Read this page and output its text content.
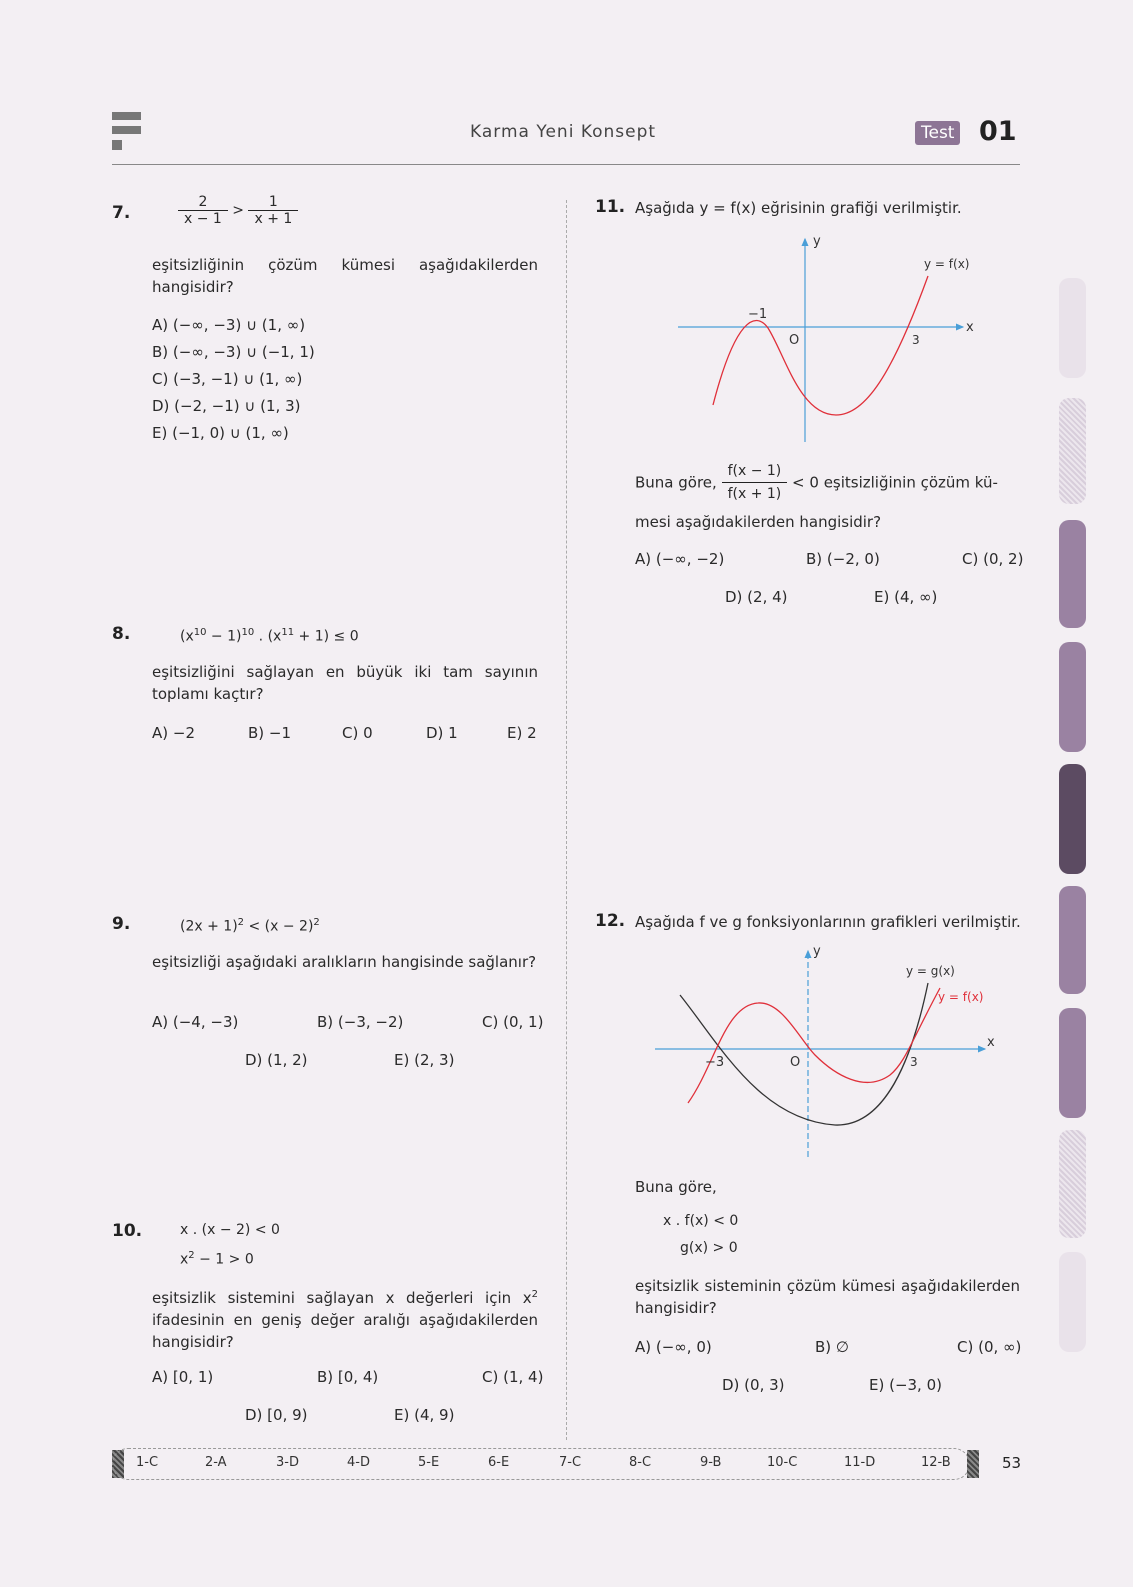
Karma Yeni Konsept	Test 01
7.	$\frac{2}{x - 1} > \frac{1}{x + 1}$
eşitsizliğinin çözüm kümesi aşağıdakilerden hangisidir?
A) (−∞, −3) ∪ (1, ∞)
B) (−∞, −3) ∪ (−1, 1)
C) (−3, −1) ∪ (1, ∞)
D) (−2, −1) ∪ (1, 3)
E) (−1, 0) ∪ (1, ∞)
8.	$(x^{10} - 1)^{10}$ . $(x^{11} + 1) \le 0$
eşitsizliğini sağlayan en büyük iki tam sayının toplamı kaçtır?
A) −2	B) −1	C) 0	D) 1	E) 2
9.	$(2x + 1)^2 < (x - 2)^2$
eşitsizliği aşağıdaki aralıkların hangisinde sağlanır?
A) (−4, −3)	B) (−3, −2)	C) (0, 1)
D) (1, 2)	E) (2, 3)
10.	x . (x − 2) < 0
$x^2 - 1 > 0$
eşitsizlik sistemini sağlayan x değerleri için $x^2$ ifadesinin en geniş değer aralığı aşağıdakilerden hangisidir?
A) [0, 1)	B) [0, 4)	C) (1, 4)
D) [0, 9)	E) (4, 9)
11. Aşağıda y = f(x) eğrisinin grafiği verilmiştir.
y
x
y = f(x)
−1
O	3
Buna göre, $\frac{f(x - 1)}{f(x + 1)} < 0$ eşitsizliğinin çözüm kü-
mesi aşağıdakilerden hangisidir?
A) (−∞, −2)	B) (−2, 0)	C) (0, 2)
D) (2, 4)	E) (4, ∞)
12. Aşağıda f ve g fonksiyonlarının grafikleri verilmiştir.
y
x
y = g(x)
y = f(x)
−3	O	3
Buna göre,
x . f(x) < 0
g(x) > 0
eşitsizlik sisteminin çözüm kümesi aşağıdakilerden hangisidir?
A) (−∞, 0)	B) ∅	C) (0, ∞)
D) (0, 3)	E) (−3, 0)
1-C	2-A	3-D	4-D	5-E	6-E	7-C	8-C	9-B	10-C	11-D	12-B	53
